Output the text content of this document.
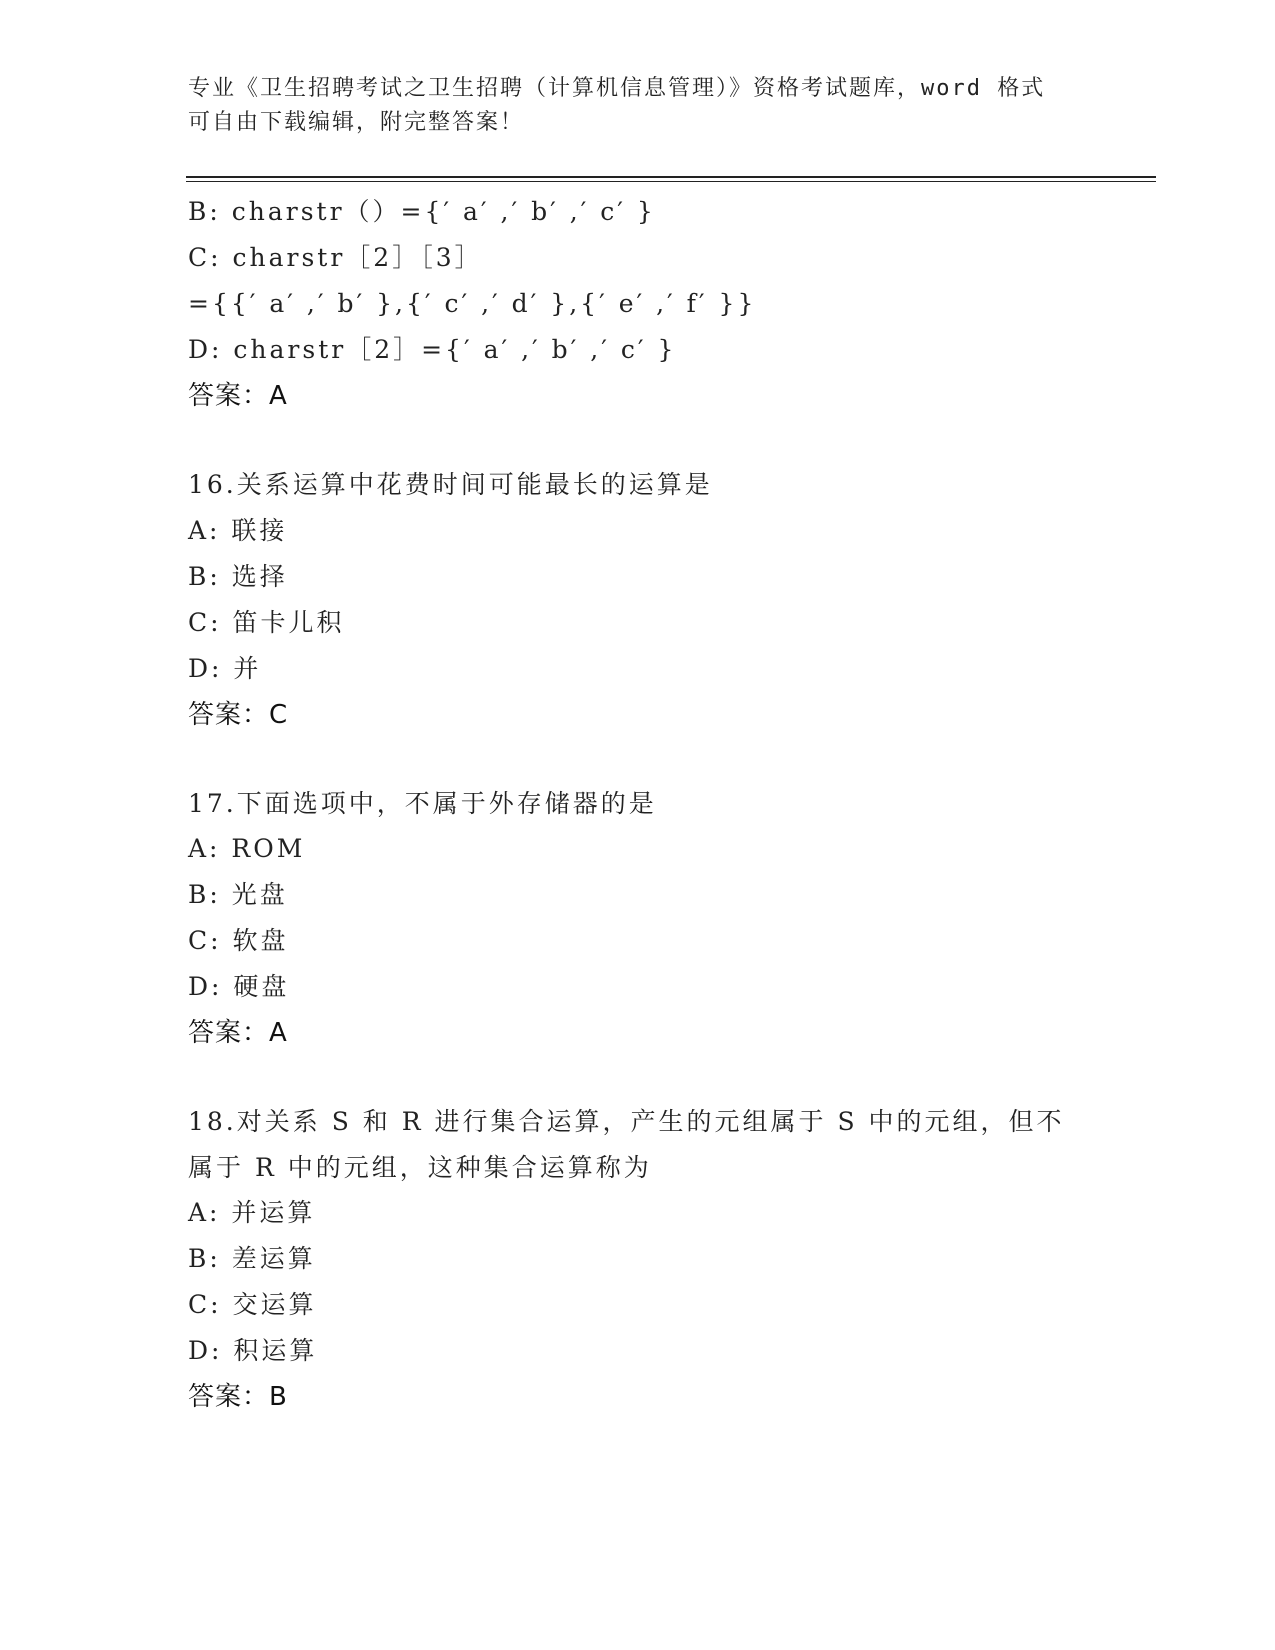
专业《卫生招聘考试之卫生招聘（计算机信息管理）》资格考试题库，word 格式
可自由下载编辑，附完整答案！
B: charstr（）={′ a′ ,′ b′ ,′ c′ }
C: charstr［2］［3］
={{′ a′ ,′ b′ },{′ c′ ,′ d′ },{′ e′ ,′ f′ }}
D: charstr［2］={′ a′ ,′ b′ ,′ c′ }
答案：A
16.关系运算中花费时间可能最长的运算是
A: 联接
B: 选择
C: 笛卡儿积
D: 并
答案：C
17.下面选项中，不属于外存储器的是
A: ROM
B: 光盘
C: 软盘
D: 硬盘
答案：A
18.对关系 S 和 R 进行集合运算，产生的元组属于 S 中的元组，但不属于 R 中的元组，这种集合运算称为
A: 并运算
B: 差运算
C: 交运算
D: 积运算
答案：B
